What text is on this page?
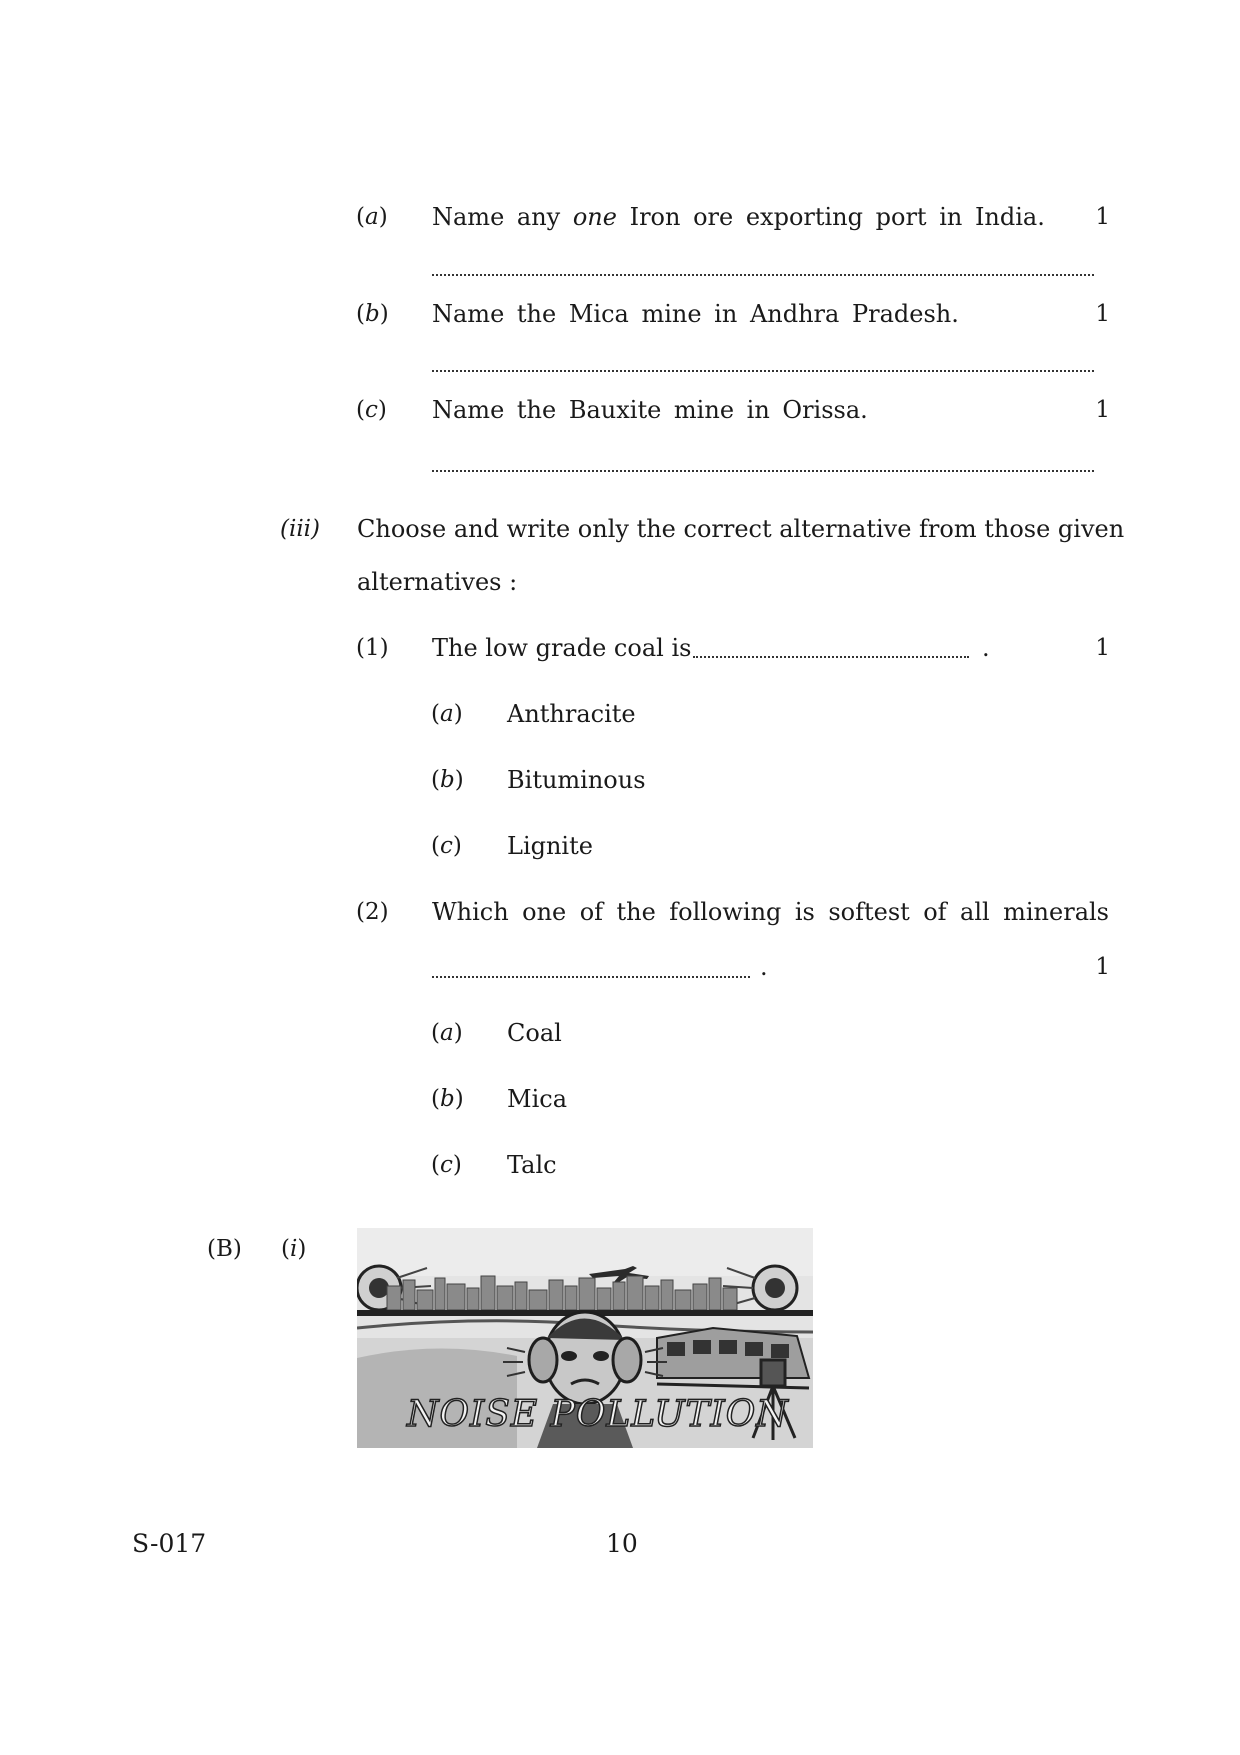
(a) Name any one Iron ore exporting port in India.	1
(b) Name the Mica mine in Andhra Pradesh.	1
(c) Name the Bauxite mine in Orissa.	1
(iii) Choose and write only the correct alternative from those given
alternatives :
(1) The low grade coal is	.	1
(a) Anthracite
(b) Bituminous
(c) Lignite
(2) Which one of the following is softest of all minerals
.	1
(a) Coal
(b) Mica
(c) Talc
(B) (i)
NOISE POLLUTION
S-017	10
